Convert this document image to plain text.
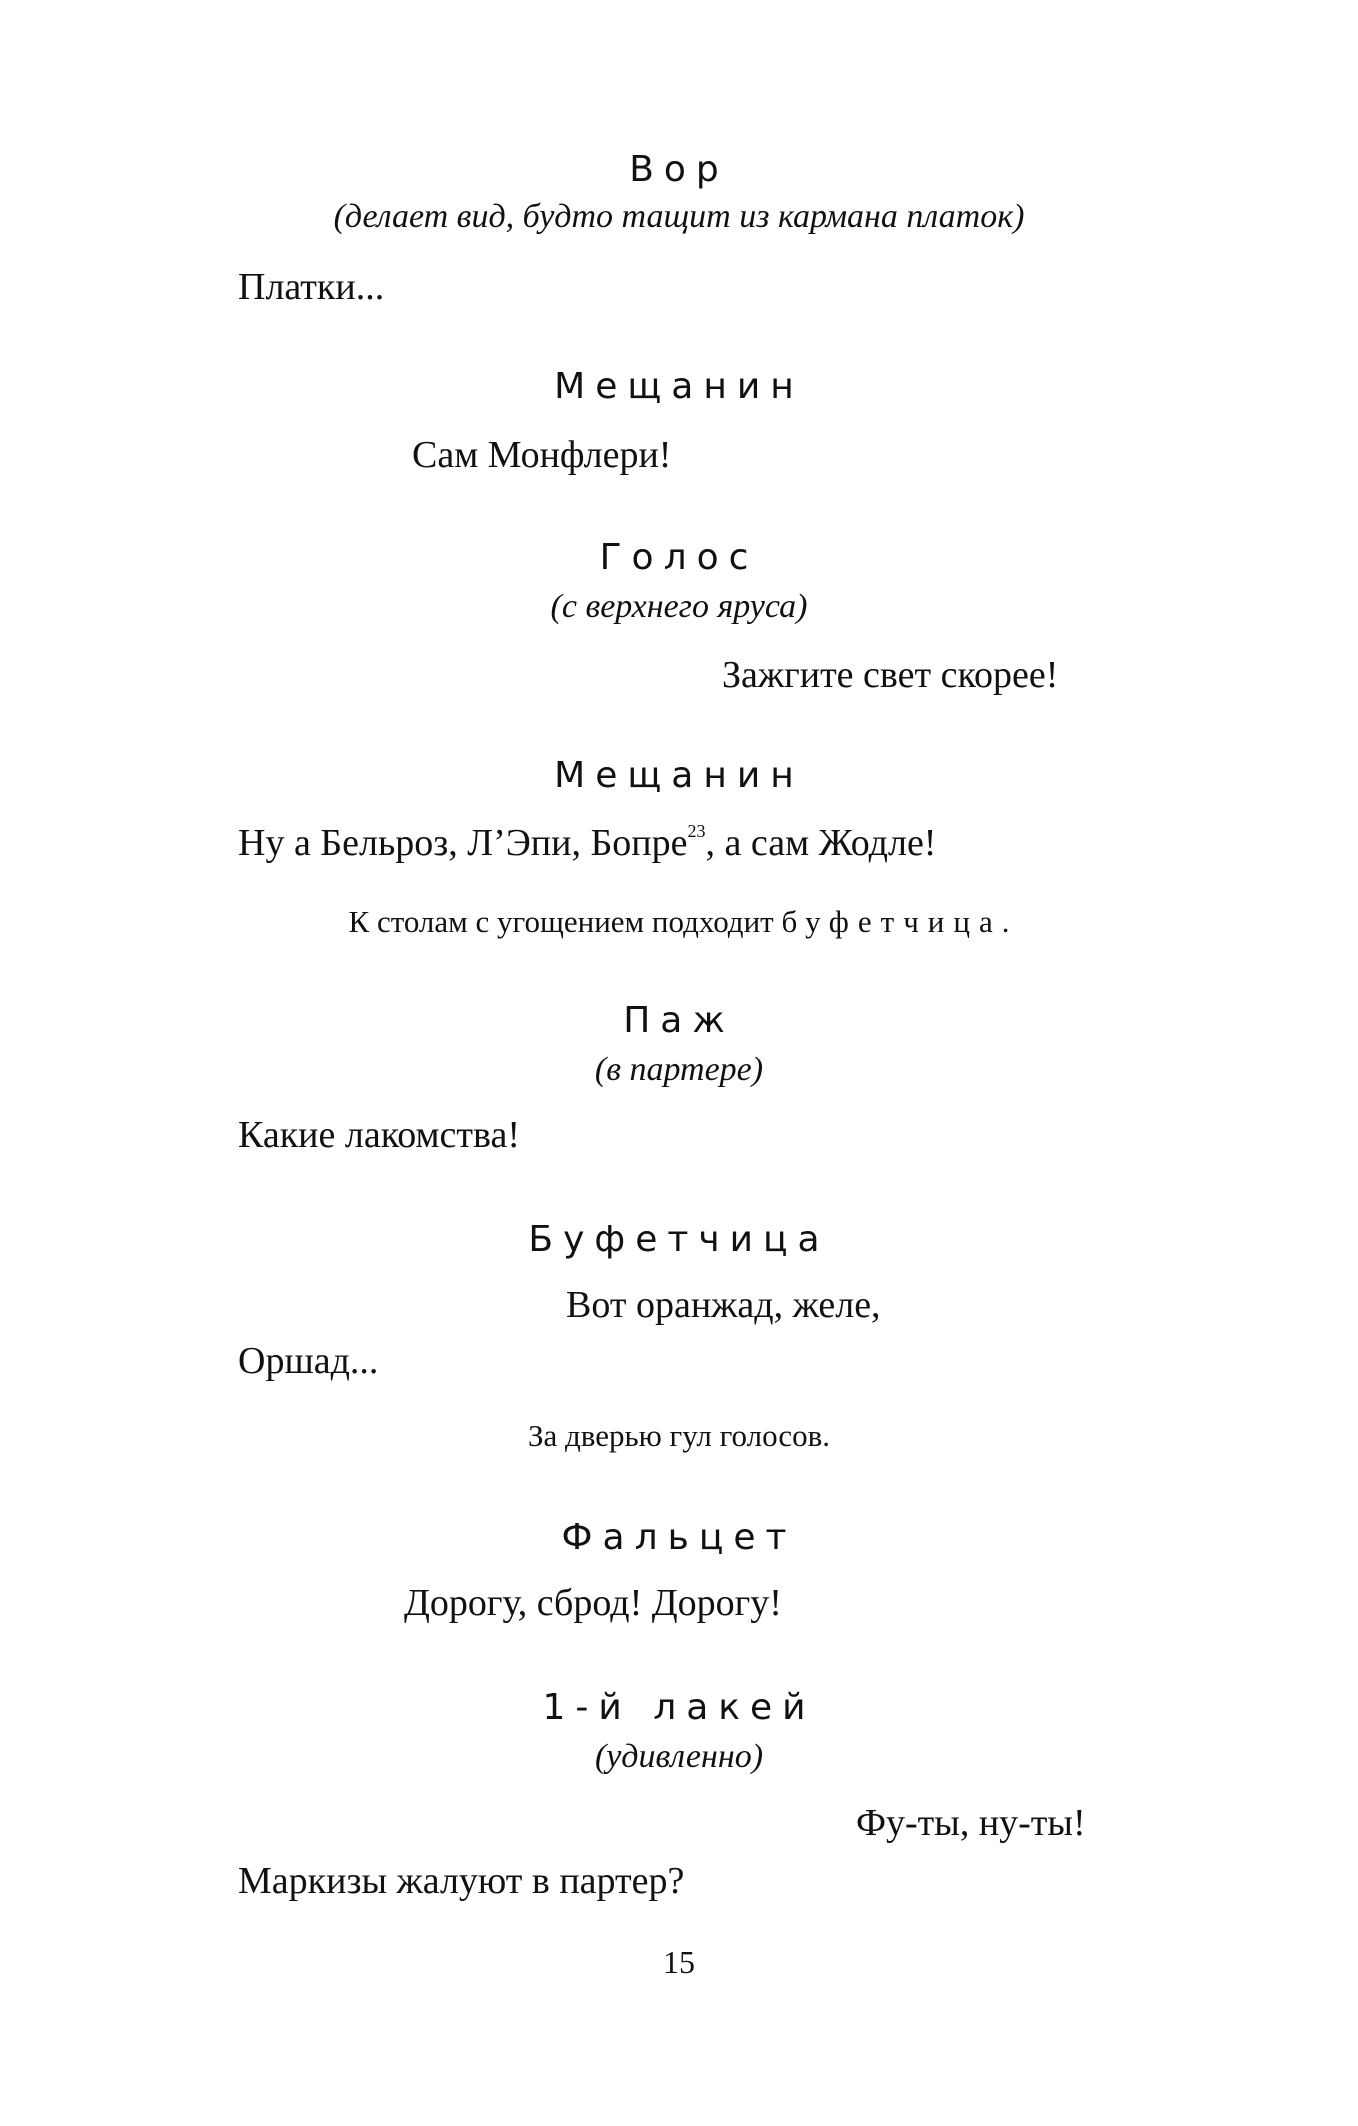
Вор
(делает вид, будто тащит из кармана платок)
Платки...
Мещанин
Сам Монфлери!
Голос
(с верхнего яруса)
Зажгите свет скорее!
Мещанин
Ну а Бельроз, Л’Эпи, Бопре$^{23}$, а сам Жодле!
К столам с угощением подходит буфетчица.
Паж
(в партере)
Какие лакомства!
Буфетчица
Вот оранжад, желе,
Оршад...
За дверью гул голосов.
Фальцет
Дорогу, сброд! Дорогу!
1-й лакей
(удивленно)
Фу-ты, ну-ты!
Маркизы жалуют в партер?
15
